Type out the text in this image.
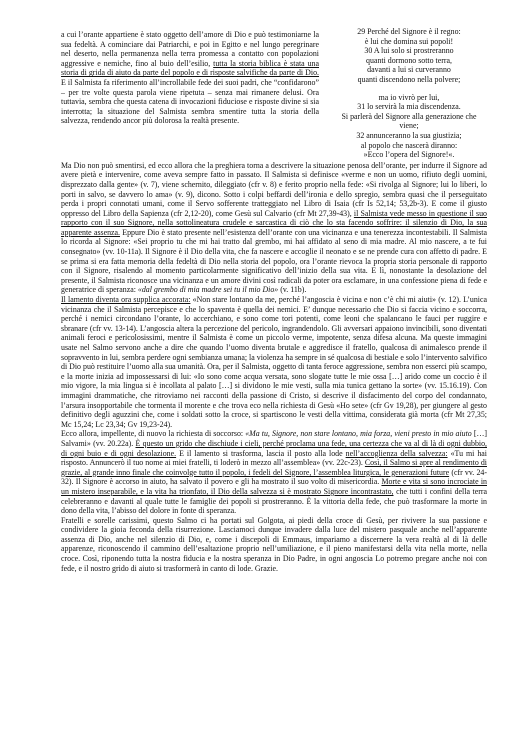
a cui l’orante appartiene è stato oggetto dell’amore di Dio e può testimoniarne la sua fedeltà. A cominciare dai Patriarchi, e poi in Egitto e nel lungo peregrinare nel deserto, nella permanenza nella terra promessa a contatto con popolazioni aggressive e nemiche, fino al buio dell’esilio, tutta la storia biblica è stata una storia di grida di aiuto da parte del popolo e di risposte salvifiche da parte di Dio. E il Salmista fa riferimento all’incrollabile fede dei suoi padri, che “confidarono” – per tre volte questa parola viene ripetuta – senza mai rimanere delusi. Ora tuttavia, sembra che questa catena di invocazioni fiduciose e risposte divine si sia interrotta; la situazione del Salmista sembra smentire tutta la storia della salvezza, rendendo ancor più dolorosa la realtà presente.

29 Perché del Signore è il regno:
è lui che domina sui popoli!
30 A lui solo si prostreranno
quanti dormono sotto terra,
davanti a lui si curveranno
quanti discendono nella polvere;
ma io vivrò per lui,
31 lo servirà la mia discendenza.
Si parlerà del Signore alla generazione che viene;
32 annunceranno la sua giustizia;
al popolo che nascerà diranno:
»Ecco l’opera del Signore!«.

Ma Dio non può smentirsi, ed ecco allora che la preghiera torna a descrivere la situazione penosa dell’orante, per indurre il Signore ad avere pietà e intervenire, come aveva sempre fatto in passato. Il Salmista si definisce «verme e non un uomo, rifiuto degli uomini, disprezzato dalla gente» (v. 7), viene schernito, dileggiato (cfr v. 8) e ferito proprio nella fede: «Si rivolga al Signore; lui lo liberi, lo porti in salvo, se davvero lo ama» (v. 9), dicono. Sotto i colpi beffardi dell’ironia e dello spregio, sembra quasi che il perseguitato perda i propri connotati umani, come il Servo sofferente tratteggiato nel Libro di Isaia (cfr Is 52,14; 53,2b-3). E come il giusto oppresso del Libro della Sapienza (cfr 2,12-20), come Gesù sul Calvario (cfr Mt 27,39-43), il Salmista vede messo in questione il suo rapporto con il suo Signore, nella sottolineatura crudele e sarcastica di ciò che lo sta facendo soffrire: il silenzio di Dio, la sua apparente assenza. Eppure Dio è stato presente nell’esistenza dell’orante con una vicinanza e una tenerezza incontestabili. Il Salmista lo ricorda al Signore: «Sei proprio tu che mi hai tratto dal grembo, mi hai affidato al seno di mia madre. Al mio nascere, a te fui consegnato» (vv. 10-11a). Il Signore è il Dio della vita, che fa nascere e accoglie il neonato e se ne prende cura con affetto di padre. E se prima si era fatta memoria della fedeltà di Dio nella storia del popolo, ora l’orante rievoca la propria storia personale di rapporto con il Signore, risalendo al momento particolarmente significativo dell’inizio della sua vita. E lì, nonostante la desolazione del presente, il Salmista riconosce una vicinanza e un amore divini così radicali da poter ora esclamare, in una confessione piena di fede e generatrice di speranza: «dal grembo di mia madre sei tu il mio Dio» (v. 11b).

Il lamento diventa ora supplica accorata: «Non stare lontano da me, perché l’angoscia è vicina e non c’è chi mi aiuti» (v. 12). L’unica vicinanza che il Salmista percepisce e che lo spaventa è quella dei nemici. E’ dunque necessario che Dio si faccia vicino e soccorra, perché i nemici circondano l’orante, lo accerchiano, e sono come tori potenti, come leoni che spalancano le fauci per ruggire e sbranare (cfr vv. 13-14). L’angoscia altera la percezione del pericolo, ingrandendolo. Gli avversari appaiono invincibili, sono diventati animali feroci e pericolosissimi, mentre il Salmista è come un piccolo verme, impotente, senza difesa alcuna. Ma queste immagini usate nel Salmo servono anche a dire che quando l’uomo diventa brutale e aggredisce il fratello, qualcosa di animalesco prende il sopravvento in lui, sembra perdere ogni sembianza umana; la violenza ha sempre in sé qualcosa di bestiale e solo l’intervento salvifico di Dio può restituire l’uomo alla sua umanità. Ora, per il Salmista, oggetto di tanta feroce aggressione, sembra non esserci più scampo, e la morte inizia ad impossessarsi di lui: «Io sono come acqua versata, sono slogate tutte le mie ossa […] arido come un coccio è il mio vigore, la mia lingua si è incollata al palato […] si dividono le mie vesti, sulla mia tunica gettano la sorte» (vv. 15.16.19). Con immagini drammatiche, che ritroviamo nei racconti della passione di Cristo, si descrive il disfacimento del corpo del condannato, l’arsura insopportabile che tormenta il morente e che trova eco nella richiesta di Gesù «Ho sete» (cfr Gv 19,28), per giungere al gesto definitivo degli aguzzini che, come i soldati sotto la croce, si spartiscono le vesti della vittima, considerata già morta (cfr Mt 27,35; Mc 15,24; Lc 23,34; Gv 19,23-24).

Ecco allora, impellente, di nuovo la richiesta di soccorso: «Ma tu, Signore, non stare lontano, mia forza, vieni presto in mio aiuto […] Salvami» (vv. 20.22a). È questo un grido che dischiude i cieli, perché proclama una fede, una certezza che va al di là di ogni dubbio, di ogni buio e di ogni desolazione. E il lamento si trasforma, lascia il posto alla lode nell’accoglienza della salvezza: «Tu mi hai risposto. Annuncerò il tuo nome ai miei fratelli, ti loderò in mezzo all’assemblea» (vv. 22c-23). Così, il Salmo si apre al rendimento di grazie, al grande inno finale che coinvolge tutto il popolo, i fedeli del Signore, l’assemblea liturgica, le generazioni future (cfr vv. 24-32). Il Signore è accorso in aiuto, ha salvato il povero e gli ha mostrato il suo volto di misericordia. Morte e vita si sono incrociate in un mistero inseparabile, e la vita ha trionfato, il Dio della salvezza si è mostrato Signore incontrastato, che tutti i confini della terra celebreranno e davanti al quale tutte le famiglie dei popoli si prostreranno. È la vittoria della fede, che può trasformare la morte in dono della vita, l’abisso del dolore in fonte di speranza.

Fratelli e sorelle carissimi, questo Salmo ci ha portati sul Golgota, ai piedi della croce di Gesù, per rivivere la sua passione e condividere la gioia feconda della risurrezione. Lasciamoci dunque invadere dalla luce del mistero pasquale anche nell’apparente assenza di Dio, anche nel silenzio di Dio, e, come i discepoli di Emmaus, impariamo a discernere la vera realtà al di là delle apparenze, riconoscendo il cammino dell’esaltazione proprio nell’umiliazione, e il pieno manifestarsi della vita nella morte, nella croce. Così, riponendo tutta la nostra fiducia e la nostra speranza in Dio Padre, in ogni angoscia Lo potremo pregare anche noi con fede, e il nostro grido di aiuto si trasformerà in canto di lode. Grazie.
